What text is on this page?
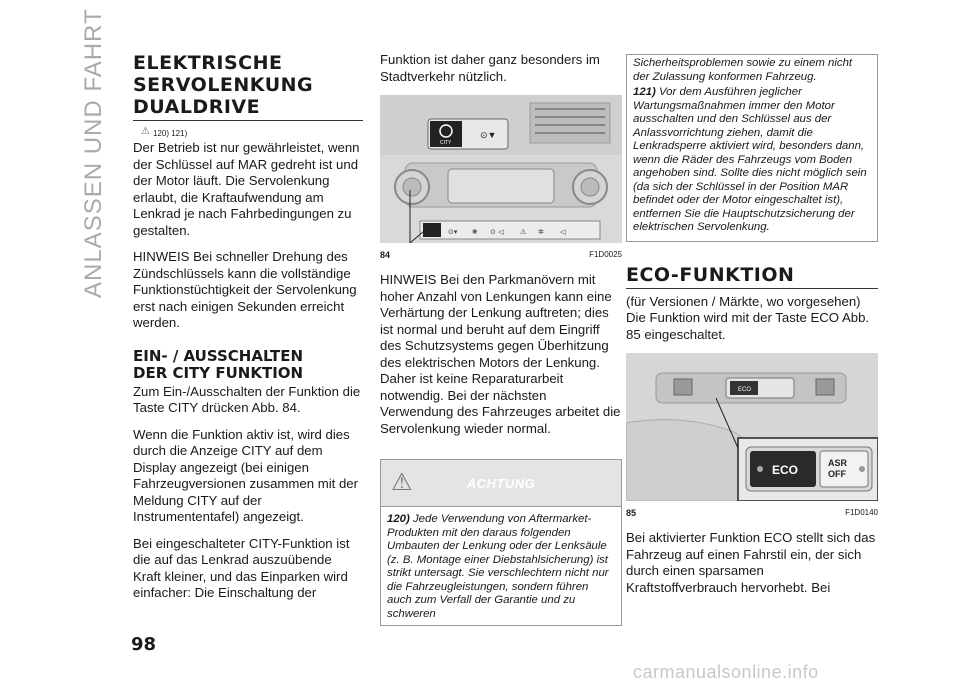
ANLASSEN UND FAHRT ELEKTRISCHE
SERVOLENKUNG
DUALDRIVE
⚠ 120) 121)

Der Betrieb ist nur gewährleistet, wenn der Schlüssel auf MAR gedreht ist und der Motor läuft. Die Servolenkung erlaubt, die Kraftaufwendung am Lenkrad je nach Fahrbedingungen zu gestalten.

HINWEIS Bei schneller Drehung des Zündschlüssels kann die vollständige Funktionstüchtigkeit der Servolenkung erst nach einigen Sekunden erreicht werden.

EIN- / AUSSCHALTEN
DER CITY FUNKTION

Zum Ein-/Ausschalten der Funktion die Taste CITY drücken Abb. 84.

Wenn die Funktion aktiv ist, wird dies durch die Anzeige CITY auf dem Display angezeigt (bei einigen Fahrzeugversionen zusammen mit der Meldung CITY auf der Instrumententafel) angezeigt.

Bei eingeschalteter CITY-Funktion ist die auf das Lenkrad auszuübende Kraft kleiner, und das Einparken wird einfacher: Die Einschaltung der

Funktion ist daher ganz besonders im Stadtverkehr nützlich.

CITY
⊙▼
⊙▾ ❅ ⊙ ◁ ⚠ ✲ ◁
84	F1D0025

HINWEIS Bei den Parkmanövern mit hoher Anzahl von Lenkungen kann eine Verhärtung der Lenkung auftreten; dies ist normal und beruht auf dem Eingriff des Schutzsystems gegen Überhitzung des elektrischen Motors der Lenkung. Daher ist keine Reparaturarbeit notwendig. Bei der nächsten Verwendung des Fahrzeuges arbeitet die Servolenkung wieder normal.

⚠	ACHTUNG

120) Jede Verwendung von Aftermarket-Produkten mit den daraus folgenden Umbauten der Lenkung oder der Lenksäule (z. B. Montage einer Diebstahlsicherung) ist strikt untersagt. Sie verschlechtern nicht nur die Fahrzeugleistungen, sondern führen auch zum Verfall der Garantie und zu schweren

Sicherheitsproblemen sowie zu einem nicht der Zulassung konformen Fahrzeug.

121) Vor dem Ausführen jeglicher Wartungsmaßnahmen immer den Motor ausschalten und den Schlüssel aus der Anlassvorrichtung ziehen, damit die Lenkradsperre aktiviert wird, besonders dann, wenn die Räder des Fahrzeugs vom Boden angehoben sind. Sollte dies nicht möglich sein (da sich der Schlüssel in der Position MAR befindet oder der Motor eingeschaltet ist), entfernen Sie die Hauptschutzsicherung der elektrischen Servolenkung.

ECO-FUNKTION

(für Versionen / Märkte, wo vorgesehen)

Die Funktion wird mit der Taste ECO Abb. 85 eingeschaltet.

ECO
ECO	ASR
OFF
85	F1D0140

Bei aktivierter Funktion ECO stellt sich das Fahrzeug auf einen Fahrstil ein, der sich durch einen sparsamen Kraftstoffverbrauch hervorhebt. Bei

98
carmanualsonline.info
